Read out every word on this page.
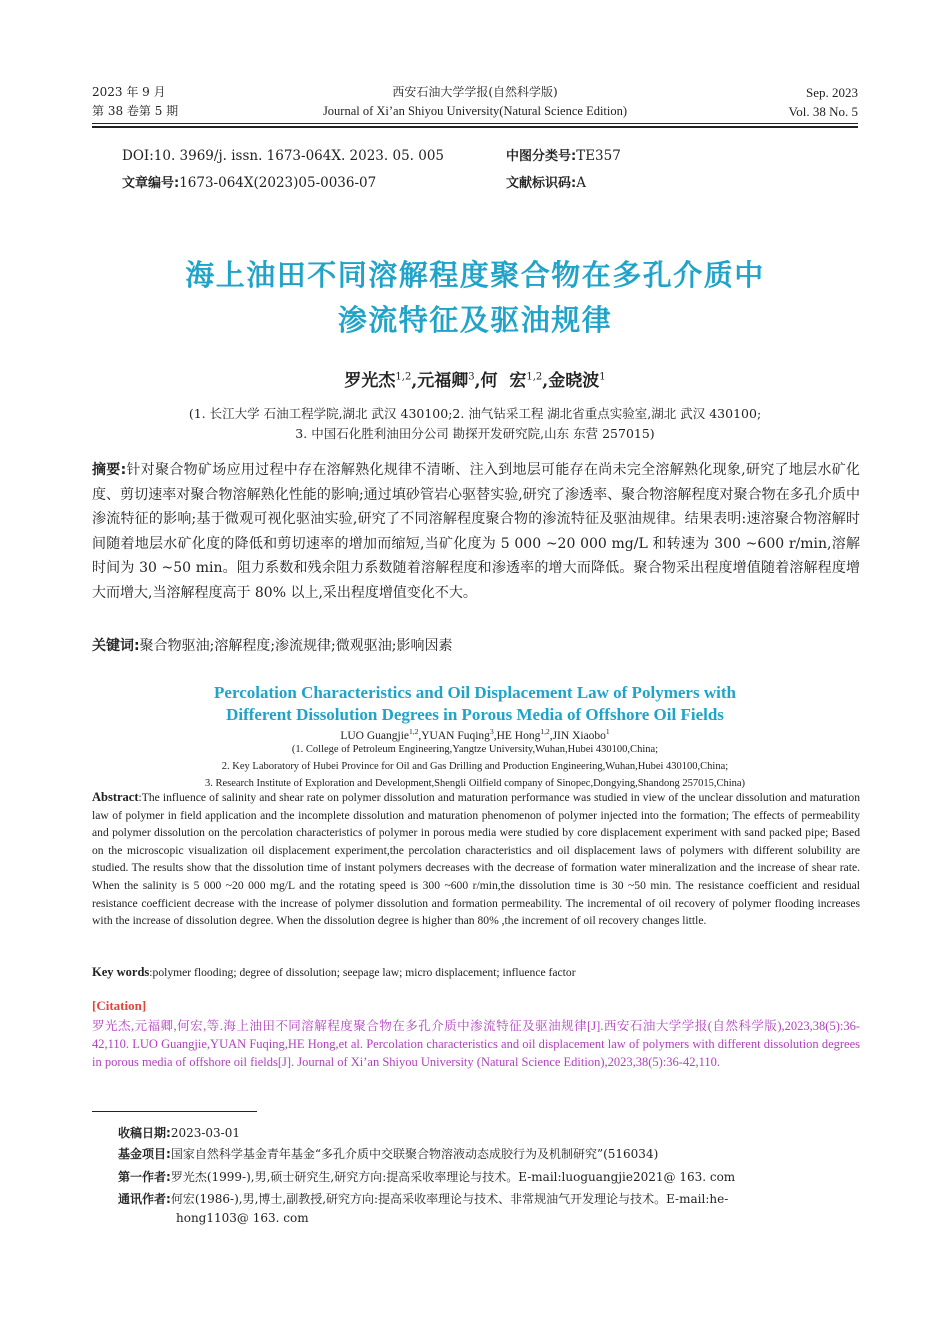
2023 年 9 月
第 38 卷第 5 期
西安石油大学学报(自然科学版)
Journal of Xi’an Shiyou University(Natural Science Edition)
Sep. 2023
Vol. 38 No. 5
DOI:10. 3969/j. issn. 1673-064X. 2023. 05. 005
文章编号:1673-064X(2023)05-0036-07
中图分类号:TE357
文献标识码:A
海上油田不同溶解程度聚合物在多孔介质中
渗流特征及驱油规律
罗光杰$^{1,2}$,元福卿$^3$,何  宏$^{1,2}$,金晓波$^1$
(1. 长江大学 石油工程学院,湖北 武汉 430100;2. 油气钻采工程 湖北省重点实验室,湖北 武汉 430100;
3. 中国石化胜利油田分公司 勘探开发研究院,山东 东营 257015)
摘要:针对聚合物矿场应用过程中存在溶解熟化规律不清晰、注入到地层可能存在尚未完全溶解熟化现象,研究了地层水矿化度、剪切速率对聚合物溶解熟化性能的影响;通过填砂管岩心驱替实验,研究了渗透率、聚合物溶解程度对聚合物在多孔介质中渗流特征的影响;基于微观可视化驱油实验,研究了不同溶解程度聚合物的渗流特征及驱油规律。结果表明:速溶聚合物溶解时间随着地层水矿化度的降低和剪切速率的增加而缩短,当矿化度为 5 000 ~20 000 mg/L 和转速为 300 ~600 r/min,溶解时间为 30 ~50 min。阻力系数和残余阻力系数随着溶解程度和渗透率的增大而降低。聚合物采出程度增值随着溶解程度增大而增大,当溶解程度高于 80% 以上,采出程度增值变化不大。
关键词:聚合物驱油;溶解程度;渗流规律;微观驱油;影响因素
Percolation Characteristics and Oil Displacement Law of Polymers with
Different Dissolution Degrees in Porous Media of Offshore Oil Fields
LUO Guangjie$^{1,2}$,YUAN Fuqing$^3$,HE Hong$^{1,2}$,JIN Xiaobo$^1$
(1. College of Petroleum Engineering,Yangtze University,Wuhan,Hubei 430100,China;
2. Key Laboratory of Hubei Province for Oil and Gas Drilling and Production Engineering,Wuhan,Hubei 430100,China;
3. Research Institute of Exploration and Development,Shengli Oilfield company of Sinopec,Dongying,Shandong 257015,China)
Abstract:The influence of salinity and shear rate on polymer dissolution and maturation performance was studied in view of the unclear dissolution and maturation law of polymer in field application and the incomplete dissolution and maturation phenomenon of polymer injected into the formation; The effects of permeability and polymer dissolution on the percolation characteristics of polymer in porous media were studied by core displacement experiment with sand packed pipe; Based on the microscopic visualization oil displacement experiment,the percolation characteristics and oil displacement laws of polymers with different solubility are studied. The results show that the dissolution time of instant polymers decreases with the decrease of formation water mineralization and the increase of shear rate. When the salinity is 5 000 ~20 000 mg/L and the rotating speed is 300 ~600 r/min,the dissolution time is 30 ~50 min. The resistance coefficient and residual resistance coefficient decrease with the increase of polymer dissolution and formation permeability. The incremental of oil recovery of polymer flooding increases with the increase of dissolution degree. When the dissolution degree is higher than 80% ,the increment of oil recovery changes little.
Key words:polymer flooding; degree of dissolution; seepage law; micro displacement; influence factor
[Citation]
罗光杰,元福卿,何宏,等.海上油田不同溶解程度聚合物在多孔介质中渗流特征及驱油规律[J].西安石油大学学报(自然科学版),2023,38(5):36-42,110. LUO Guangjie,YUAN Fuqing,HE Hong,et al. Percolation characteristics and oil displacement law of polymers with different dissolution degrees in porous media of offshore oil fields[J]. Journal of Xi’an Shiyou University (Natural Science Edition),2023,38(5):36-42,110.
收稿日期:2023-03-01
基金项目:国家自然科学基金青年基金“多孔介质中交联聚合物溶液动态成胶行为及机制研究”(516034)
第一作者:罗光杰(1999-),男,硕士研究生,研究方向:提高采收率理论与技术。E-mail:luoguangjie2021@ 163. com
通讯作者:何宏(1986-),男,博士,副教授,研究方向:提高采收率理论与技术、非常规油气开发理论与技术。E-mail:he-
hong1103@ 163. com
